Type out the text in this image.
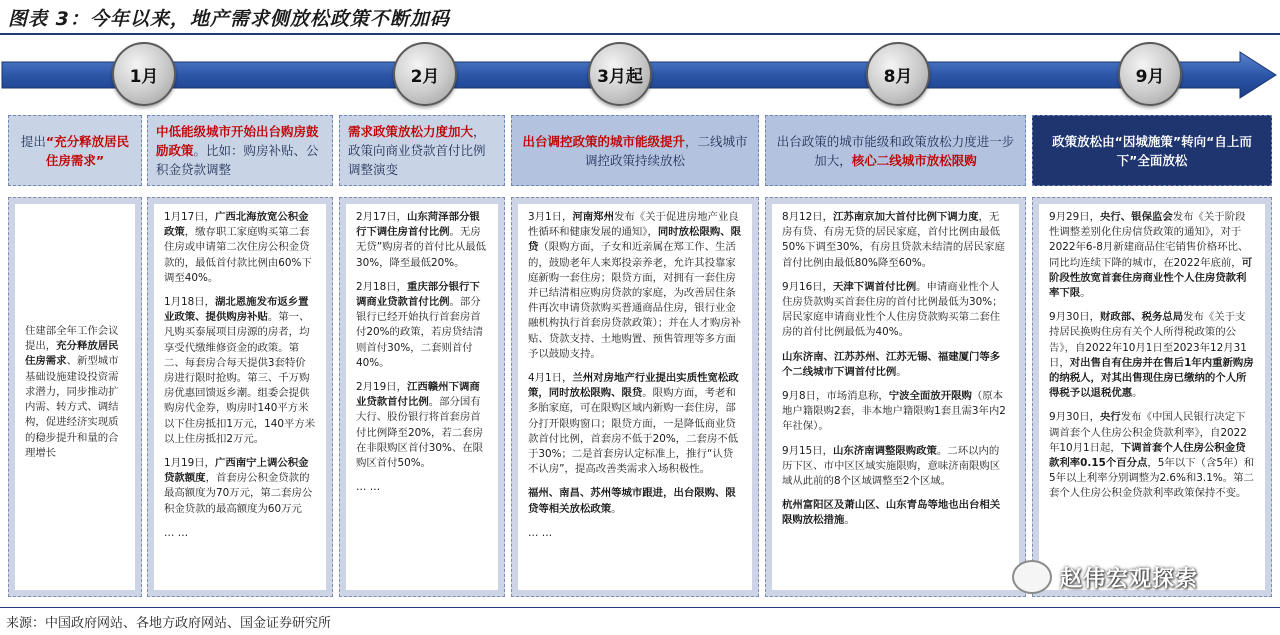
图表 3：今年以来，地产需求侧放松政策不断加码
1月	2月	3月起	8月	9月
提出“充分释放居民住房需求”
中低能级城市开始出台购房鼓励政策。比如：购房补贴、公积金贷款调整
需求政策放松力度加大，政策向商业贷款首付比例调整演变
出台调控政策的城市能级提升，二线城市调控政策持续放松
出台政策的城市能级和政策放松力度进一步加大，核心二线城市放松限购
政策放松由“因城施策”转向“自上而下”全面放松

住建部全年工作会议提出，充分释放居民住房需求、新型城市基础设施建设投资需求潜力，同步推动扩内需、转方式、调结构，促进经济实现质的稳步提升和量的合理增长

1月17日，广西北海放宽公积金政策，缴存职工家庭购买第二套住房或申请第二次住房公积金贷款的，最低首付款比例由60%下调至40%。

1月18日，湖北恩施发布返乡置业政策、提供购房补贴。第一、凡购买泰展项目房源的房者，均享受代缴维修资金的政策。第二、每套房合每天提供3套特价房进行限时抢购。第三、千万购房优惠回馈返乡潮。组委会提供购房代金券，购房时140平方米以下住房抵扣1万元，140平方米以上住房抵扣2万元。

1月19日，广西南宁上调公积金贷款额度，首套房公积金贷款的最高额度为70万元，第二套房公积金贷款的最高额度为60万元

… …

2月17日，山东菏泽部分银行下调住房首付比例。无房无贷”购房者的首付比从最低30%，降至最低20%。

2月18日，重庆部分银行下调商业贷款首付比例。部分银行已经开始执行首套房首付20%的政策，若房贷结清则首付30%，二套则首付40%。

2月19日，江西赣州下调商业贷款首付比例。部分国有大行、股份银行将首套房首付比例降至20%，若二套房在非限购区首付30%、在限购区首付50%。

… …

3月1日，河南郑州发布《关于促进房地产业良性循环和健康发展的通知》，同时放松限购、限贷（限购方面，子女和近亲属在郑工作、生活的，鼓励老年人来郑投亲养老，允许其投靠家庭新购一套住房；限贷方面，对拥有一套住房并已结清相应购房贷款的家庭，为改善居住条件再次申请贷款购买普通商品住房，银行业金融机构执行首套房贷款政策）；并在人才购房补贴、贷款支持、土地购置、预售管理等多方面予以鼓励支持。

4月1日，兰州对房地产行业提出实质性宽松政策，同时放松限购、限贷。限购方面，考老和多胎家庭，可在限购区域内新购一套住房，部分打开限购窗口；限贷方面，一是降低商业贷款首付比例，首套房不低于20%，二套房不低于30%；二是首套房认定标准上，推行“认贷不认房”，提高改善类需求入场积极性。

福州、南昌、苏州等城市跟进，出台限购、限贷等相关放松政策。

… …

8月12日，江苏南京加大首付比例下调力度，无房有贷、有房无贷的居民家庭，首付比例由最低50%下调至30%，有房且贷款未结清的居民家庭首付比例由最低80%降至60%。

9月16日，天津下调首付比例。申请商业性个人住房贷款购买首套住房的首付比例最低为30%；居民家庭申请商业性个人住房贷款购买第二套住房的首付比例最低为40%。

山东济南、江苏苏州、江苏无锡、福建厦门等多个二线城市下调首付比例。

9月8日，市场消息称，宁波全面放开限购（原本地户籍限购2套，非本地户籍限购1套且需3年内2年社保）。

9月15日，山东济南调整限购政策。二环以内的历下区、市中区区域实施限购，意味济南限购区域从此前的8个区域调整至2个区域。

杭州富阳区及萧山区、山东青岛等地也出台相关限购放松措施。

9月29日，央行、银保监会发布《关于阶段性调整差别化住房信贷政策的通知》，对于2022年6-8月新建商品住宅销售价格环比、同比均连续下降的城市，在2022年底前，可阶段性放宽首套住房商业性个人住房贷款利率下限。

9月30日，财政部、税务总局发布《关于支持居民换购住房有关个人所得税政策的公告》，自2022年10月1日至2023年12月31日，对出售自有住房并在售后1年内重新购房的纳税人，对其出售现住房已缴纳的个人所得税予以退税优惠。

9月30日，央行发布《中国人民银行决定下调首套个人住房公积金贷款利率》，自2022年10月1日起，下调首套个人住房公积金贷款利率0.15个百分点，5年以下（含5年）和5年以上利率分别调整为2.6%和3.1%。第二套个人住房公积金贷款利率政策保持不变。

赵伟宏观探索
来源：中国政府网站、各地方政府网站、国金证券研究所
